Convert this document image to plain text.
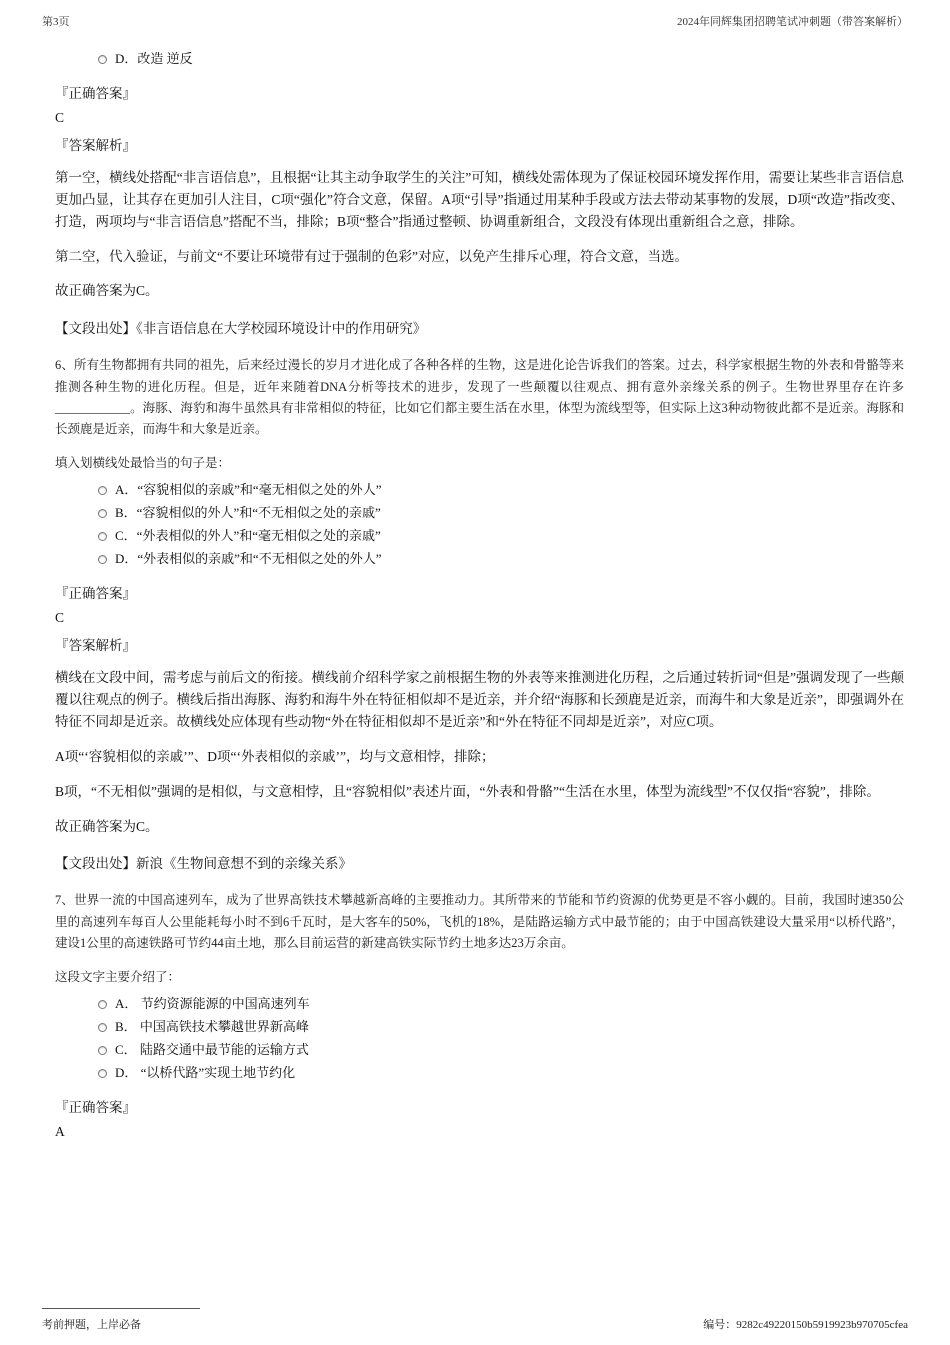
第3页	2024年同辉集团招聘笔试冲刺题（带答案解析）
D．改造 逆反
『正确答案』
C
『答案解析』

第一空，横线处搭配“非言语信息”，且根据“让其主动争取学生的关注”可知，横线处需体现为了保证校园环境发挥作用，需要让某些非言语信息更加凸显，让其存在更加引人注目，C项“强化”符合文意，保留。A项“引导”指通过用某种手段或方法去带动某事物的发展，D项“改造”指改变、打造，两项均与“非言语信息”搭配不当，排除；B项“整合”指通过整顿、协调重新组合，文段没有体现出重新组合之意，排除。

第二空，代入验证，与前文“不要让环境带有过于强制的色彩”对应，以免产生排斥心理，符合文意，当选。

故正确答案为C。

【文段出处】《非言语信息在大学校园环境设计中的作用研究》

6、所有生物都拥有共同的祖先，后来经过漫长的岁月才进化成了各种各样的生物，这是进化论告诉我们的答案。过去，科学家根据生物的外表和骨骼等来推测各种生物的进化历程。但是，近年来随着DNA分析等技术的进步，发现了一些颠覆以往观点、拥有意外亲缘关系的例子。生物世界里存在许多____________。海豚、海豹和海牛虽然具有非常相似的特征，比如它们都主要生活在水里，体型为流线型等，但实际上这3种动物彼此都不是近亲。海豚和长颈鹿是近亲，而海牛和大象是近亲。

填入划横线处最恰当的句子是：
A．“容貌相似的亲戚”和“毫无相似之处的外人”
B．“容貌相似的外人”和“不无相似之处的亲戚”
C．“外表相似的外人”和“毫无相似之处的亲戚”
D．“外表相似的亲戚”和“不无相似之处的外人”
『正确答案』
C
『答案解析』

横线在文段中间，需考虑与前后文的衔接。横线前介绍科学家之前根据生物的外表等来推测进化历程，之后通过转折词“但是”强调发现了一些颠覆以往观点的例子。横线后指出海豚、海豹和海牛外在特征相似却不是近亲，并介绍“海豚和长颈鹿是近亲，而海牛和大象是近亲”，即强调外在特征不同却是近亲。故横线处应体现有些动物“外在特征相似却不是近亲”和“外在特征不同却是近亲”，对应C项。

A项“‘容貌相似的亲戚’”、D项“‘外表相似的亲戚’”，均与文意相悖，排除；

B项，“不无相似”强调的是相似，与文意相悖，且“容貌相似”表述片面，“外表和骨骼”“生活在水里，体型为流线型”不仅仅指“容貌”，排除。

故正确答案为C。

【文段出处】新浪《生物间意想不到的亲缘关系》

7、世界一流的中国高速列车，成为了世界高铁技术攀越新高峰的主要推动力。其所带来的节能和节约资源的优势更是不容小觑的。目前，我国时速350公里的高速列车每百人公里能耗每小时不到6千瓦时，是大客车的50%，飞机的18%，是陆路运输方式中最节能的；由于中国高铁建设大量采用“以桥代路”，建设1公里的高速铁路可节约44亩土地，那么目前运营的新建高铁实际节约土地多达23万余亩。

这段文字主要介绍了：
A． 节约资源能源的中国高速列车
B． 中国高铁技术攀越世界新高峰
C． 陆路交通中最节能的运输方式
D． “以桥代路”实现土地节约化
『正确答案』
A
考前押题，上岸必备	编号：9282c49220150b5919923b970705cfea
